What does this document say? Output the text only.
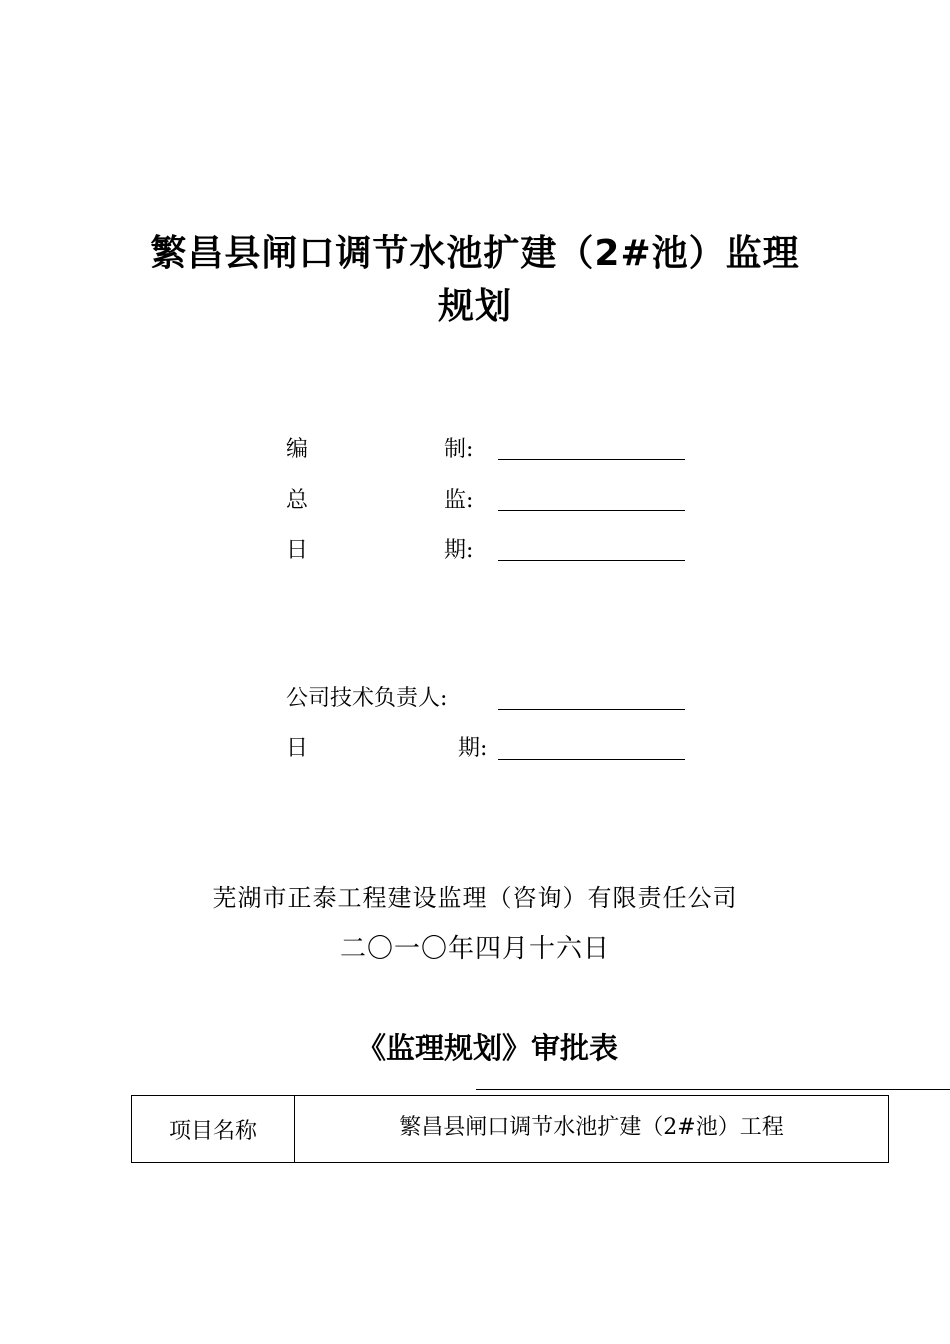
繁昌县闸口调节水池扩建（2#池）监理
规划
编	制:
总	监:
日	期:
公司技术负责人:
日	期:
芜湖市正泰工程建设监理（咨询）有限责任公司
二〇一〇年四月十六日
《监理规划》审批表
项目名称	繁昌县闸口调节水池扩建（2#池）工程
